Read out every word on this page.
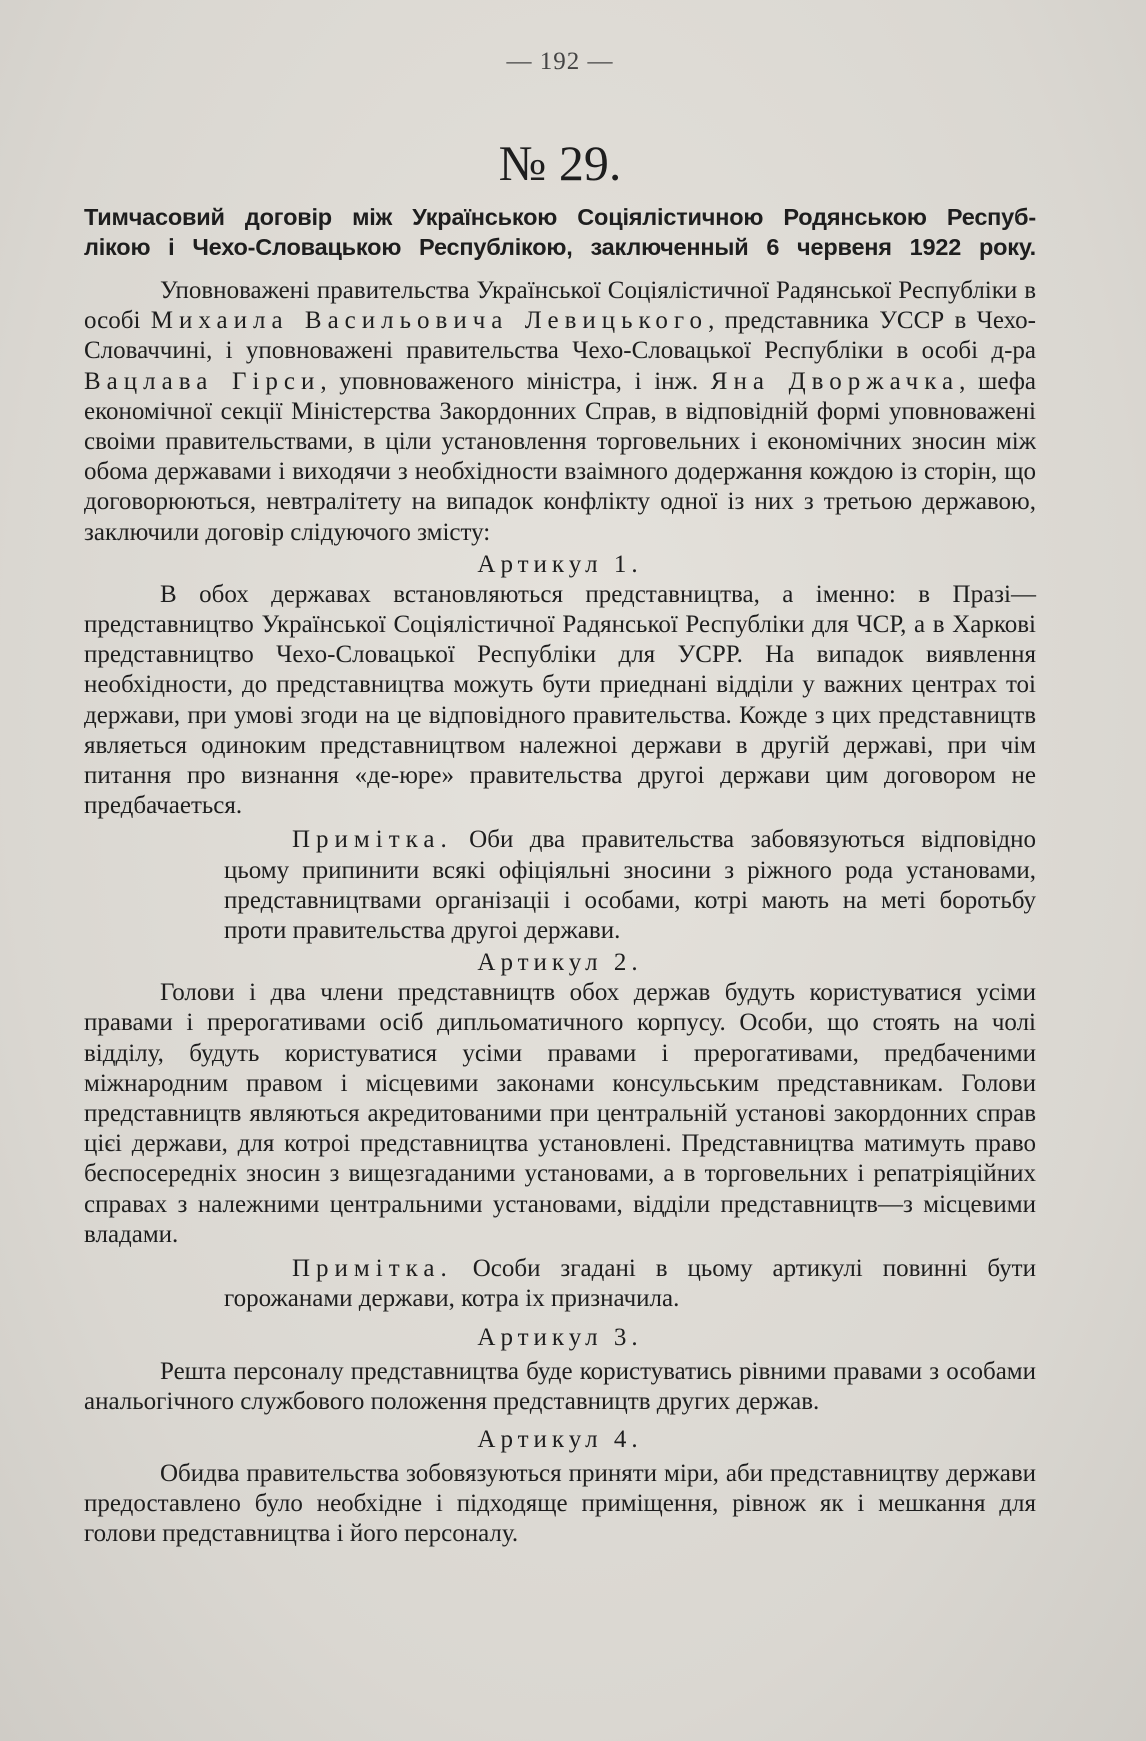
— 192 —
№ 29.
Тимчасовий договір між Українською Соціялістичною Родянською Респуб-
лікою і Чехо-Словацькою Республікою, заключенный 6 червеня 1922 року.

Уповноважені правительства Української Соціялістичної Радянської Республіки в особі Михаила Васильовича Левицького, представника УССР в Чехо-Словаччині, і уповноважені правительства Чехо-Словацької Республіки в особі д-ра Вацлава Гірси, уповноваженого міністра, і інж. Яна Дворжачка, шефа економічної секції Міністерства Закордонних Справ, в відповідній формі уповноважені своіми правительствами, в ціли установлення торговельних і економічних зносин між обома державами і виходячи з необхідности взаімного додержання кождою із сторін, що договорюються, невтралітету на випадок конфлікту одної із них з третьою державою, заключили договір слідуючого змісту:

Артикул 1.

В обох державах встановляються представництва, а іменно: в Празі—представництво Української Соціялістичної Радянської Республіки для ЧСР, а в Харкові представництво Чехо-Словацької Республіки для УСРР. На випадок виявлення необхідности, до представництва можуть бути приеднані відділи у важних центрах тоі держави, при умові згоди на це відповідного правительства. Кожде з цих представництв являеться одиноким представництвом належноі держави в другій державі, при чім питання про визнання «де-юре» правительства другоі держави цим договором не предбачаеться.

Примітка. Оби два правительства забовязуються відповідно цьому припинити всякі офіціяльні зносини з ріжного рода установами, представництвами організаціі і особами, котрі мають на меті боротьбу проти правительства другоі держави.
Артикул 2.

Голови і два члени представництв обох держав будуть користуватися усіми правами і прерогативами осіб дипльоматичного корпусу. Особи, що стоять на чолі відділу, будуть користуватися усіми правами і прерогативами, предбаченими міжнародним правом і місцевими законами консульським представникам. Голови представництв являються акредитованими при центральній установі закордонних справ цієі держави, для котроі представництва установлені. Представництва матимуть право беспосередніх зносин з вищезгаданими установами, а в торговельних і репатріяційних справах з належними центральними установами, відділи представництв—з місцевими владами.

Примітка. Особи згадані в цьому артикулі повинні бути горожанами держави, котра іх призначила.
Артикул 3.

Решта персоналу представництва буде користуватись рівними правами з особами анальогічного службового положення представництв других держав.

Артикул 4.

Обидва правительства зобовязуються приняти міри, аби представництву держави предоставлено було необхідне і підходяще приміщення, рівнож як і мешкання для голови представництва і його персоналу.
